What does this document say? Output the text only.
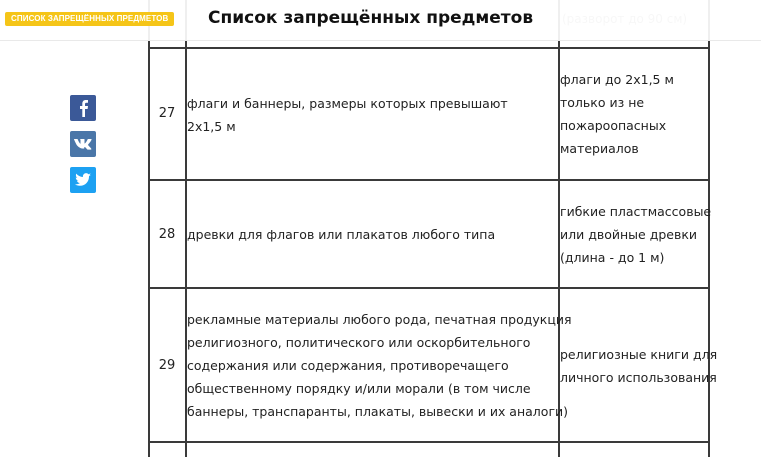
27
флаги и баннеры, размеры которых превышают
2x1,5 м
флаги до 2x1,5 м
только из не
пожароопасных
материалов
28 древки для флагов или плакатов любого типа
гибкие пластмассовые
или двойные древки
(длина - до 1 м)
29
рекламные материалы любого рода, печатная продукция
религиозного, политического или оскорбительного
содержания или содержания, противоречащего
общественному порядку и/или морали (в том числе
баннеры, транспаранты, плакаты, вывески и их аналоги)
религиозные книги для
личного использования
СПИСОК ЗАПРЕЩЁННЫХ ПРЕДМЕТОВ	Список запрещённых предметов
